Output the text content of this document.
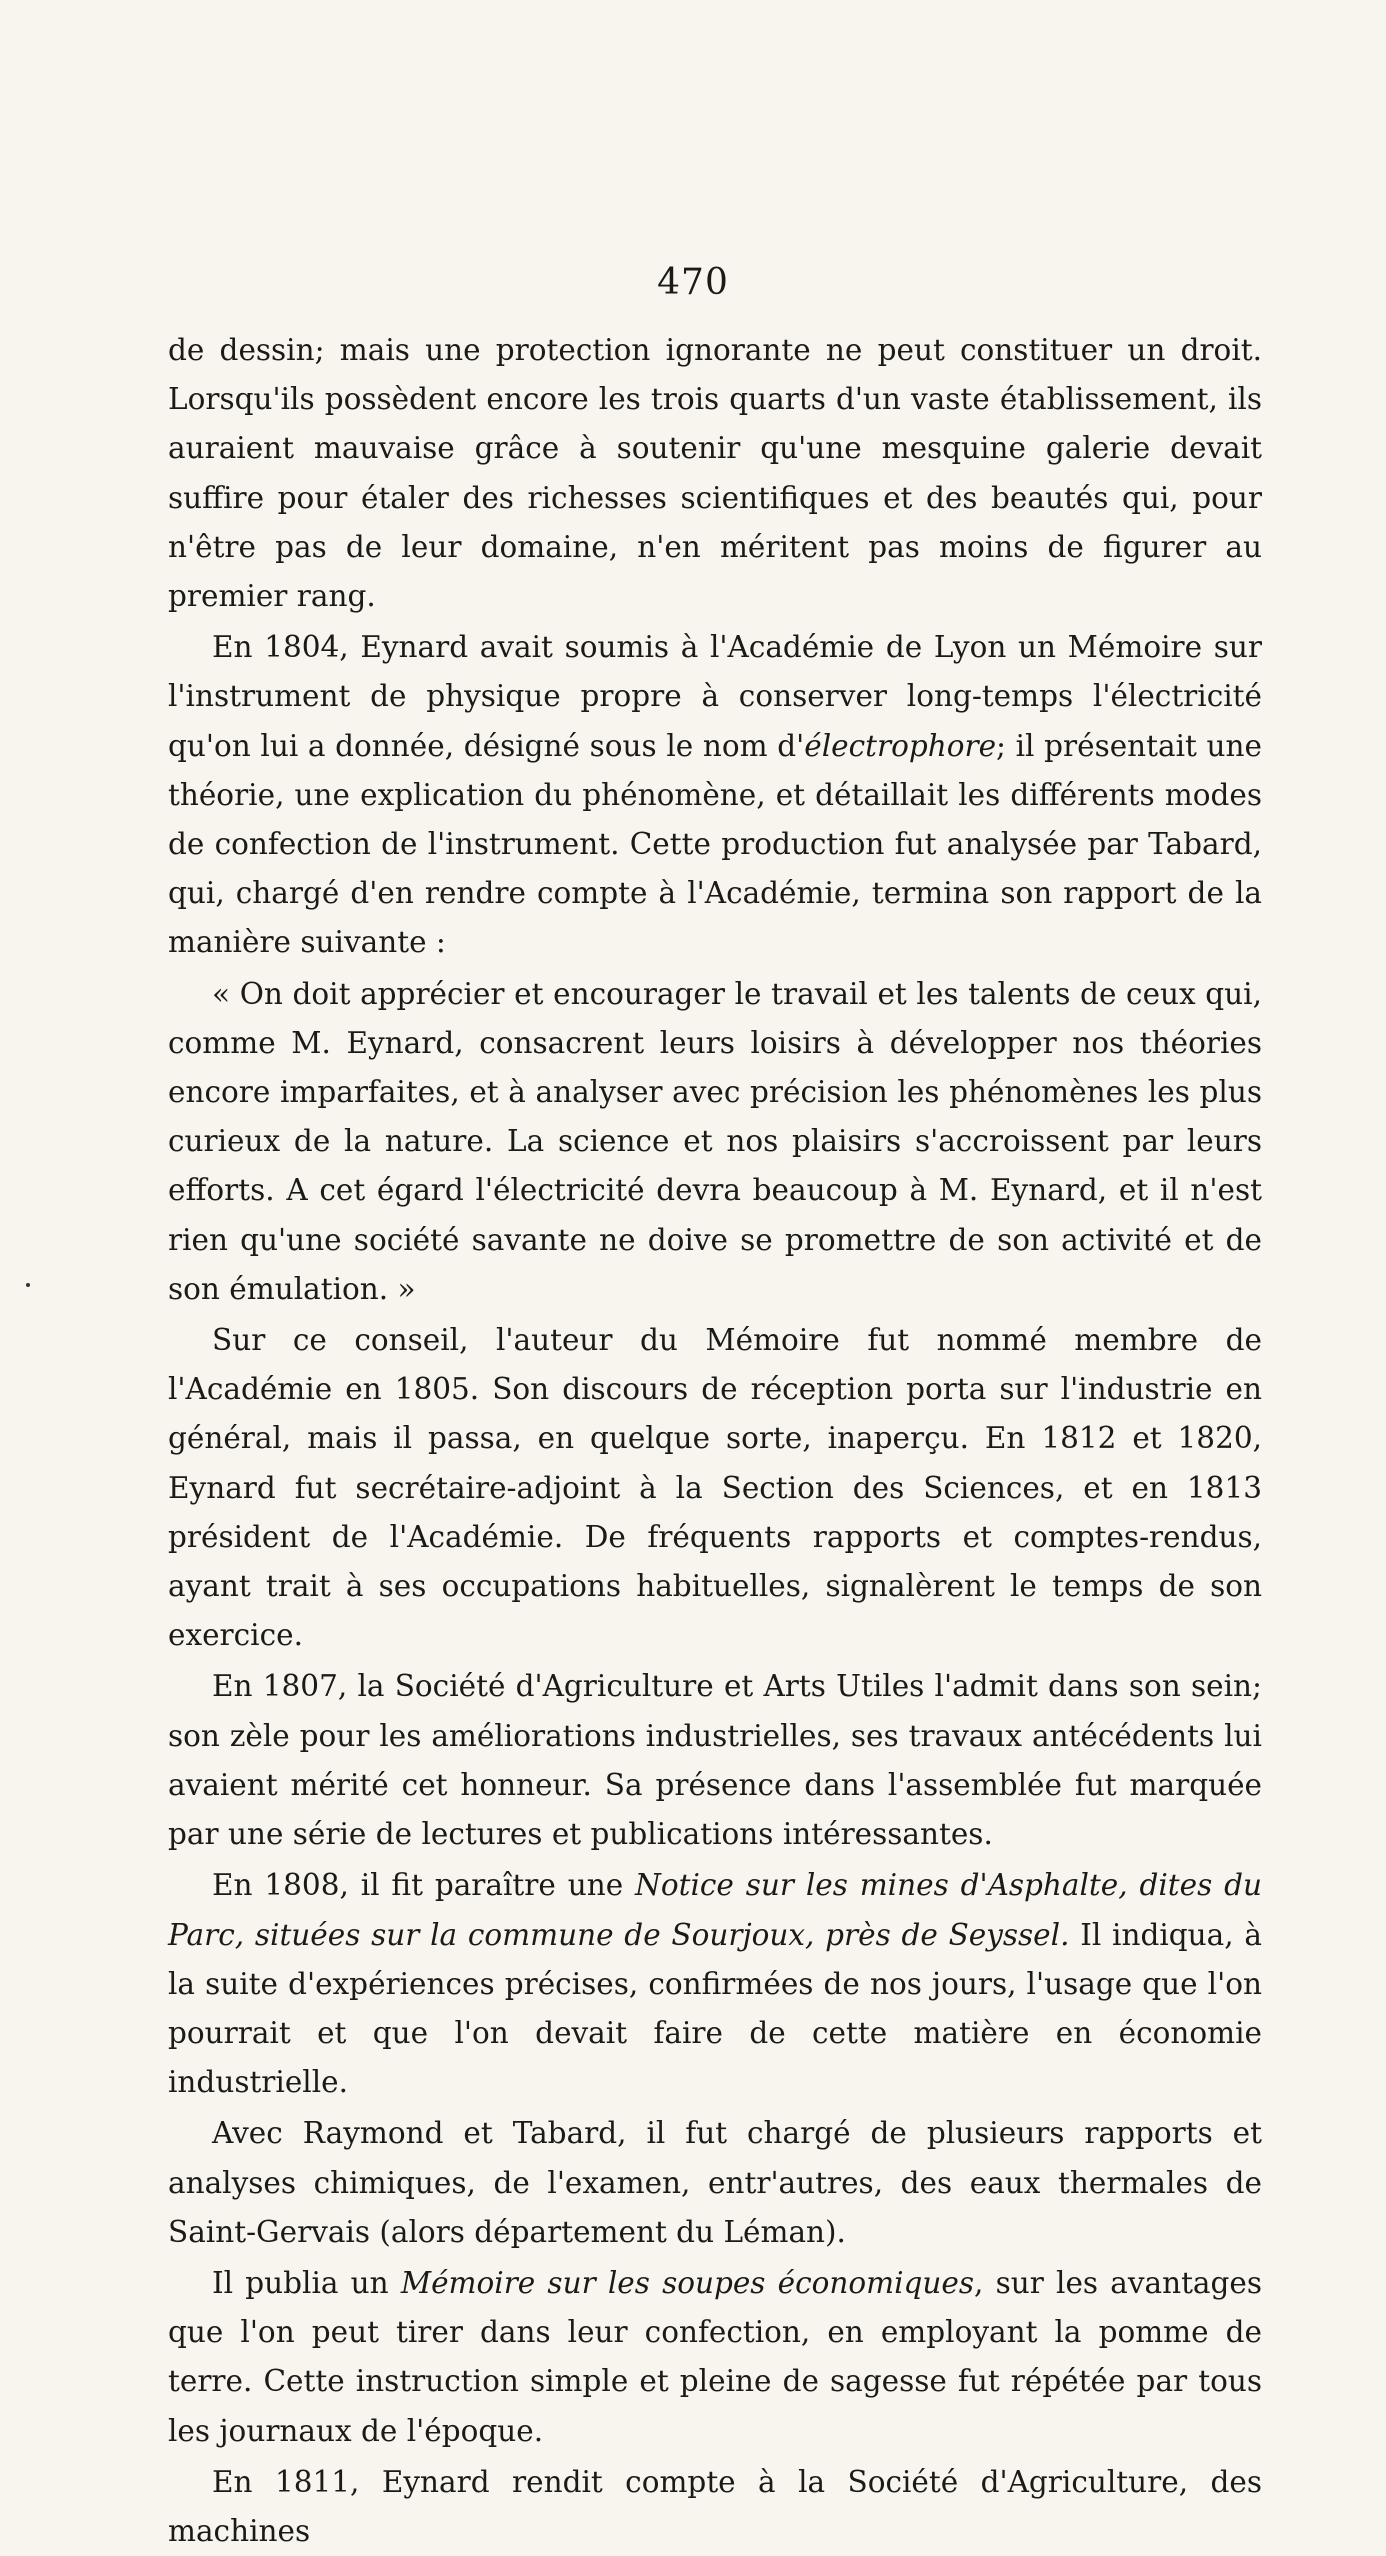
470

de dessin; mais une protection ignorante ne peut constituer un droit. Lorsqu'ils possèdent encore les trois quarts d'un vaste établissement, ils auraient mauvaise grâce à soutenir qu'une mesquine galerie devait suffire pour étaler des richesses scientifiques et des beautés qui, pour n'être pas de leur domaine, n'en méritent pas moins de figurer au premier rang.

En 1804, Eynard avait soumis à l'Académie de Lyon un Mémoire sur l'instrument de physique propre à conserver long-temps l'électricité qu'on lui a donnée, désigné sous le nom d'électrophore; il présentait une théorie, une explication du phénomène, et détaillait les différents modes de confection de l'instrument. Cette production fut analysée par Tabard, qui, chargé d'en rendre compte à l'Académie, termina son rapport de la manière suivante :

« On doit apprécier et encourager le travail et les talents de ceux qui, comme M. Eynard, consacrent leurs loisirs à développer nos théories encore imparfaites, et à analyser avec précision les phénomènes les plus curieux de la nature. La science et nos plaisirs s'accroissent par leurs efforts. A cet égard l'électricité devra beaucoup à M. Eynard, et il n'est rien qu'une société savante ne doive se promettre de son activité et de son émulation. »

Sur ce conseil, l'auteur du Mémoire fut nommé membre de l'Académie en 1805. Son discours de réception porta sur l'industrie en général, mais il passa, en quelque sorte, inaperçu. En 1812 et 1820, Eynard fut secrétaire-adjoint à la Section des Sciences, et en 1813 président de l'Académie. De fréquents rapports et comptes-rendus, ayant trait à ses occupations habituelles, signalèrent le temps de son exercice.

En 1807, la Société d'Agriculture et Arts Utiles l'admit dans son sein; son zèle pour les améliorations industrielles, ses travaux antécédents lui avaient mérité cet honneur. Sa présence dans l'assemblée fut marquée par une série de lectures et publications intéressantes.

En 1808, il fit paraître une Notice sur les mines d'Asphalte, dites du Parc, situées sur la commune de Sourjoux, près de Seyssel. Il indiqua, à la suite d'expériences précises, confirmées de nos jours, l'usage que l'on pourrait et que l'on devait faire de cette matière en économie industrielle.

Avec Raymond et Tabard, il fut chargé de plusieurs rapports et analyses chimiques, de l'examen, entr'autres, des eaux thermales de Saint-Gervais (alors département du Léman).

Il publia un Mémoire sur les soupes économiques, sur les avantages que l'on peut tirer dans leur confection, en employant la pomme de terre. Cette instruction simple et pleine de sagesse fut répétée par tous les journaux de l'époque.

En 1811, Eynard rendit compte à la Société d'Agriculture, des machines
